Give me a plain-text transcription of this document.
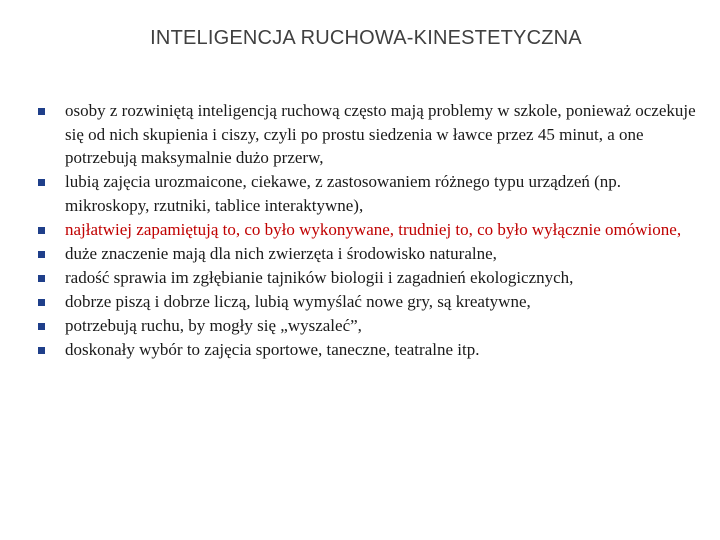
INTELIGENCJA RUCHOWA-KINESTETYCZNA
osoby z rozwiniętą inteligencją ruchową często mają problemy w szkole, ponieważ oczekuje się od nich skupienia i ciszy, czyli po prostu siedzenia w ławce przez 45 minut, a one potrzebują maksymalnie dużo przerw,
lubią zajęcia urozmaicone, ciekawe, z zastosowaniem różnego typu urządzeń (np. mikroskopy, rzutniki, tablice interaktywne),
najłatwiej zapamiętują to, co było wykonywane, trudniej to, co było wyłącznie omówione,
duże znaczenie mają dla nich zwierzęta i środowisko naturalne,
radość sprawia im zgłębianie tajników biologii i zagadnień ekologicznych,
dobrze piszą i dobrze liczą, lubią wymyślać nowe gry, są kreatywne,
potrzebują ruchu, by mogły się „wyszaleć”,
doskonały wybór to zajęcia sportowe, taneczne, teatralne itp.
